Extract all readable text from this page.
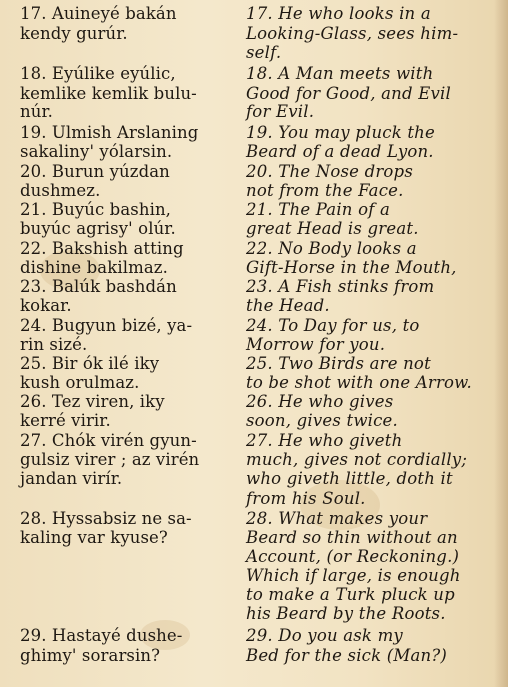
17. Auineyé bakán
kendy gurúr.
18. Eyúlike eyúlic,
kemlike kemlik bulu-
núr.
19. Ulmish Arslaning
sakaliny' yólarsin.
20. Burun yúzdan
dushmez.
21. Buyúc bashin,
buyúc agrisy' olúr.
22. Bakshish atting
dishine bakilmaz.
23. Balúk bashdán
kokar.
24. Bugyun bizé, ya-
rin sizé.
25. Bir ók ilé iky
kush orulmaz.
26. Tez viren, iky
kerré virir.
27. Chók virén gyun-
gulsiz virer ; az virén
jandan virír.
28. Hyssabsiz ne sa-
kaling var kyuse?
29. Hastayé dushe-
ghimy' sorarsin?
17. He who looks in a
Looking-Glass, sees him-
self.
18. A Man meets with
Good for Good, and Evil
for Evil.
19. You may pluck the
Beard of a dead Lyon.
20. The Nose drops
not from the Face.
21. The Pain of a
great Head is great.
22. No Body looks a
Gift-Horse in the Mouth,
23. A Fish stinks from
the Head.
24. To Day for us, to
Morrow for you.
25. Two Birds are not
to be shot with one Arrow.
26. He who gives
soon, gives twice.
27. He who giveth
much, gives not cordially;
who giveth little, doth it
from his Soul.
28. What makes your
Beard so thin without an
Account, (or Reckoning.)
Which if large, is enough
to make a Turk pluck up
his Beard by the Roots.
29. Do you ask my
Bed for the sick (Man?)
